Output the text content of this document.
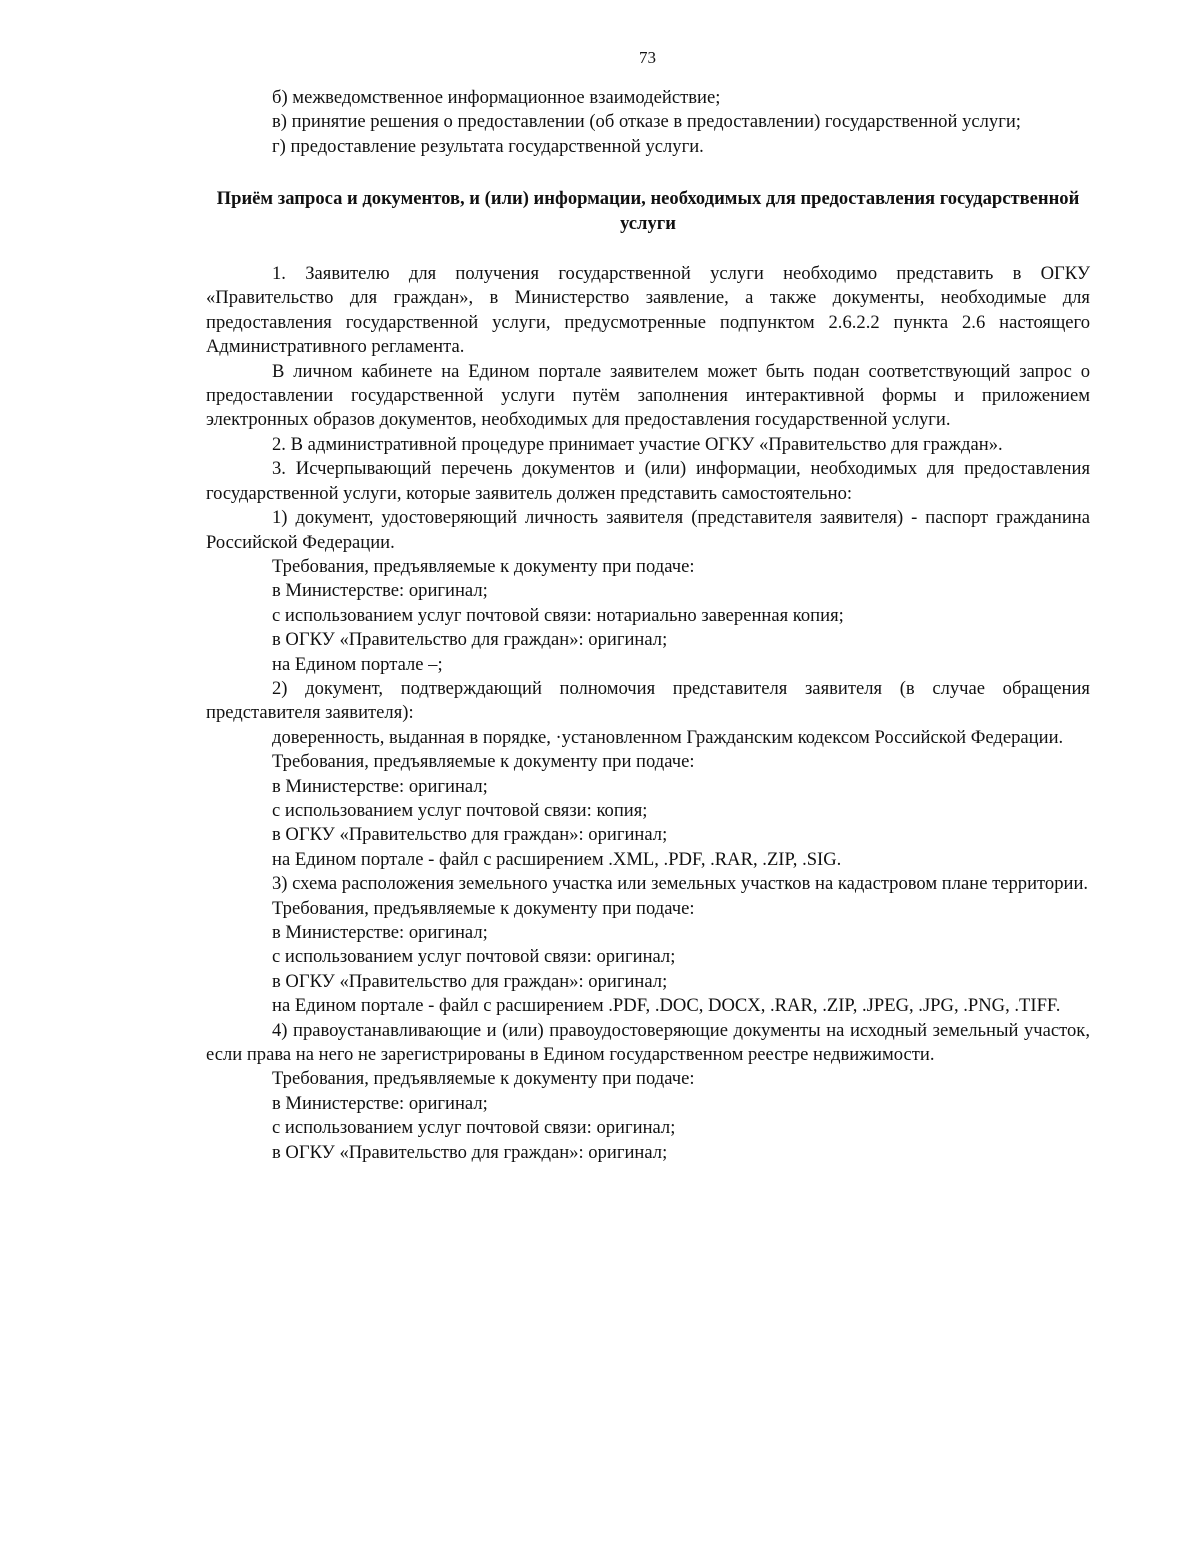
73

б) межведомственное информационное взаимодействие;

в) принятие решения о предоставлении (об отказе в предоставлении) государственной услуги;

г) предоставление результата государственной услуги.

Приём запроса и документов, и (или) информации, необходимых для предоставления государственной услуги

1. Заявителю для получения государственной услуги необходимо представить в ОГКУ «Правительство для граждан», в Министерство заявление, а также документы, необходимые для предоставления государственной услуги, предусмотренные подпунктом 2.6.2.2 пункта 2.6 настоящего Административного регламента.

В личном кабинете на Едином портале заявителем может быть подан соответствующий запрос о предоставлении государственной услуги путём заполнения интерактивной формы и приложением электронных образов документов, необходимых для предоставления государственной услуги.

2. В административной процедуре принимает участие ОГКУ «Правительство для граждан».

3. Исчерпывающий перечень документов и (или) информации, необходимых для предоставления государственной услуги, которые заявитель должен представить самостоятельно:

1) документ, удостоверяющий личность заявителя (представителя заявителя) - паспорт гражданина Российской Федерации.

Требования, предъявляемые к документу при подаче:

в Министерстве: оригинал;

с использованием услуг почтовой связи: нотариально заверенная копия;

в ОГКУ «Правительство для граждан»: оригинал;

на Едином портале –;

2) документ, подтверждающий полномочия представителя заявителя (в случае обращения представителя заявителя):

доверенность, выданная в порядке, ·установленном Гражданским кодексом Российской Федерации.

Требования, предъявляемые к документу при подаче:

в Министерстве: оригинал;

с использованием услуг почтовой связи: копия;

в ОГКУ «Правительство для граждан»: оригинал;

на Едином портале - файл с расширением .XML, .PDF, .RAR, .ZIP, .SIG.

3) схема расположения земельного участка или земельных участков на кадастровом плане территории.

Требования, предъявляемые к документу при подаче:

в Министерстве: оригинал;

с использованием услуг почтовой связи: оригинал;

в ОГКУ «Правительство для граждан»: оригинал;

на Едином портале - файл с расширением .PDF, .DOC, DOCX, .RAR, .ZIP, .JPEG, .JPG, .PNG, .TIFF.

4) правоустанавливающие и (или) правоудостоверяющие документы на исходный земельный участок, если права на него не зарегистрированы в Едином государственном реестре недвижимости.

Требования, предъявляемые к документу при подаче:

в Министерстве: оригинал;

с использованием услуг почтовой связи: оригинал;

в ОГКУ «Правительство для граждан»: оригинал;
